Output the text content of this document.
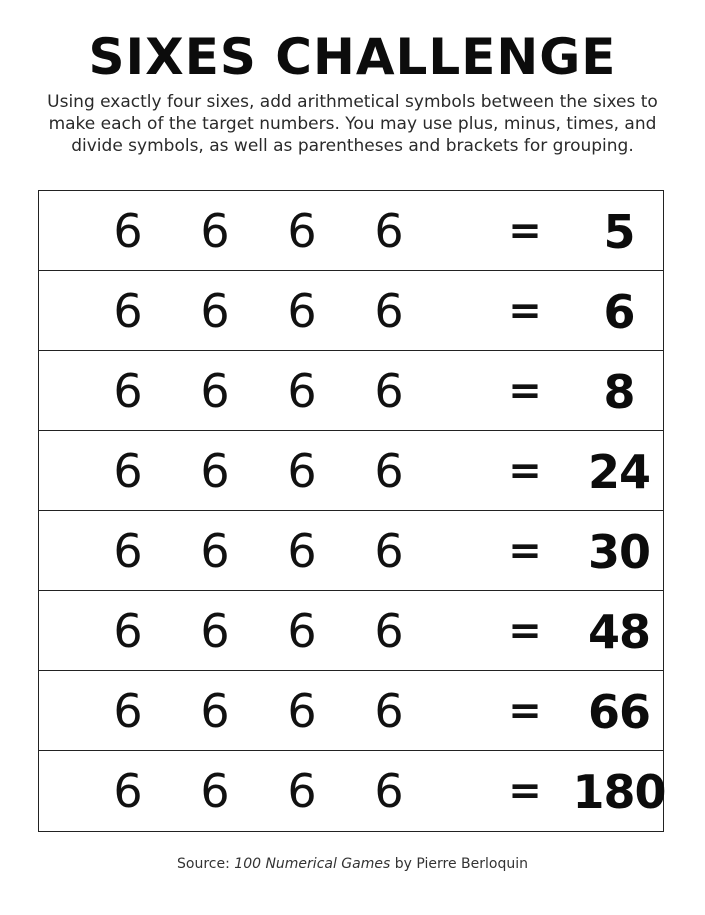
SIXES CHALLENGE
Using exactly four sixes, add arithmetical symbols between the sixes to make each of the target numbers. You may use plus, minus, times, and divide symbols, as well as parentheses and brackets for grouping.
6 6 6 6	=	5
6 6 6 6	=	6
6 6 6 6	=	8
6 6 6 6	=	24
6 6 6 6	=	30
6 6 6 6	=	48
6 6 6 6	=	66
6 6 6 6	= 180
Source: 100 Numerical Games by Pierre Berloquin
